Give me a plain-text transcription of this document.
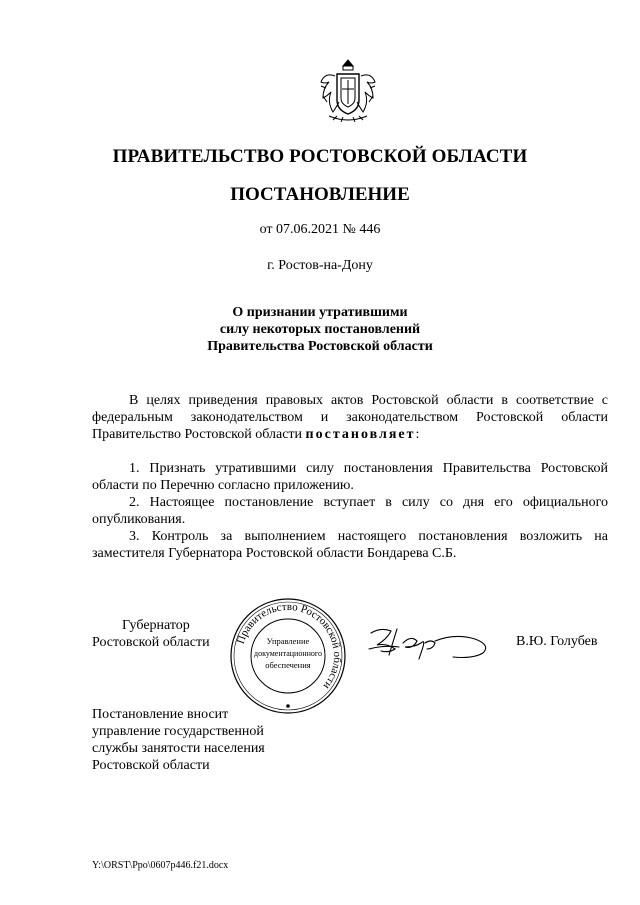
ПРАВИТЕЛЬСТВО РОСТОВСКОЙ ОБЛАСТИ
ПОСТАНОВЛЕНИЕ
от 07.06.2021 № 446
г. Ростов-на-Дону
О признании утратившими
силу некоторых постановлений
Правительства Ростовской области
В целях приведения правовых актов Ростовской области в соответствие с федеральным законодательством и законодательством Ростовской области Правительство Ростовской области постановляет:
1. Признать утратившими силу постановления Правительства Ростовской области по Перечню согласно приложению.
2. Настоящее постановление вступает в силу со дня его официального опубликования.
3. Контроль за выполнением настоящего постановления возложить на заместителя Губернатора Ростовской области Бондарева С.Б.
Губернатор
Ростовской области	Правительство Ростовской области
Управление
документационного
обеспечения
В.Ю. Голубев
Постановление вносит
управление государственной
службы занятости населения
Ростовской области
Y:\ORST\Ppo\0607p446.f21.docx
